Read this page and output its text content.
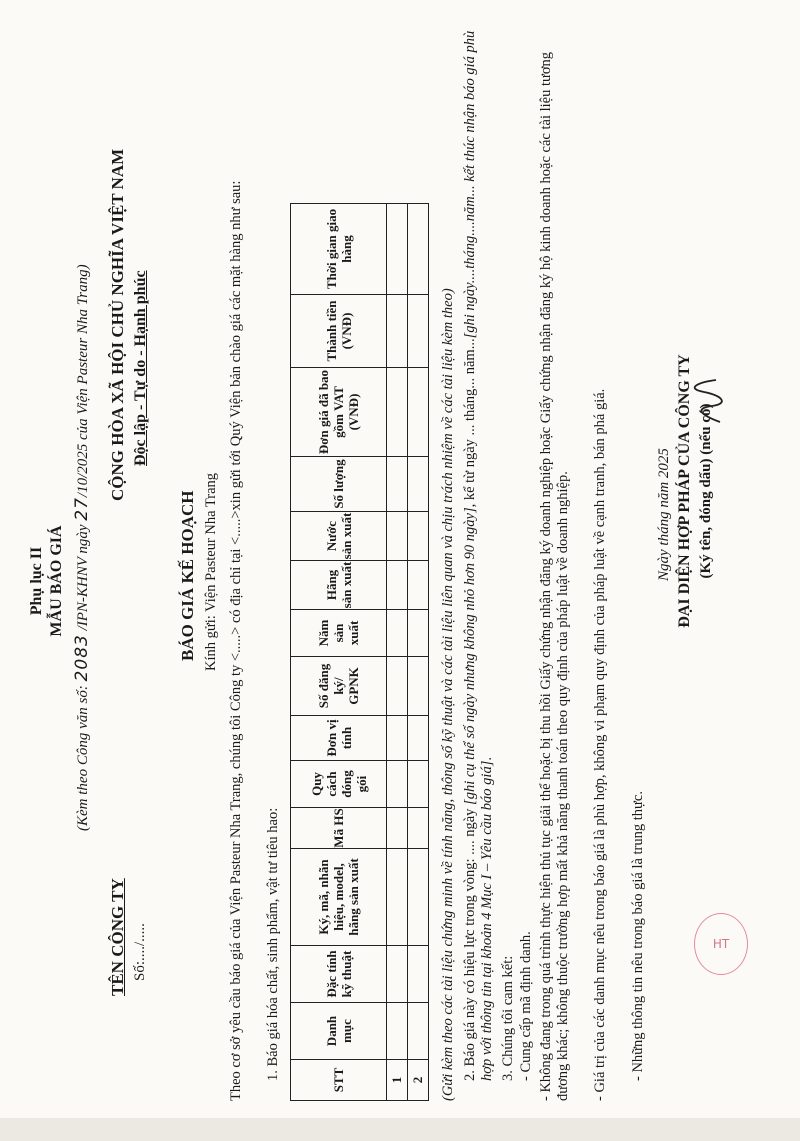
Phụ lục II MẪU BÁO GIÁ
(Kèm theo Công văn số: 2083 /IPN-KHNV ngày 27/10/2025 của Viện Pasteur Nha Trang)
TÊN CÔNG TY Số:..../.....
CỘNG HÒA XÃ HỘI CHỦ NGHĨA VIỆT NAM Độc lập - Tự do - Hạnh phúc
BÁO GIÁ KẾ HOẠCH Kính gửi: Viện Pasteur Nha Trang Theo cơ sở yêu cầu báo giá của Viện Pasteur Nha Trang, chúng tôi Công ty <.....> có địa chỉ tại <.....>xin gửi tới Quý Viện bản chào giá các mặt hàng như sau: 1. Báo giá hóa chất, sinh phẩm, vật tư tiêu hao:	STT	Danh mục	Đặc tính kỹ thuật	Ký, mã, nhãn hiệu, model, hãng sản xuất	Mã HS	Quy cách đóng gói	Đơn vị tính	Số đăng ký/ GPNK	Năm sản xuất	Hãng sản xuất	Nước sản xuất	Số lượng	Đơn giá đã bao gồm VAT (VNĐ)	Thành tiền (VNĐ)	Thời gian giao hàng
1														
2														(Gửi kèm theo các tài liệu chứng minh về tính năng, thông số kỹ thuật và các tài liệu liên quan và chịu trách nhiệm về các tài liệu kèm theo) 2. Báo giá này có hiệu lực trong vòng: .... ngày [ghi cụ thể số ngày nhưng không nhỏ hơn 90 ngày], kể từ ngày ... tháng... năm...[ghi ngày....tháng....năm... kết thúc nhận báo giá phù hợp với thông tin tại khoản 4 Mục I – Yêu cầu báo giá].
3. Chúng tôi cam kết: - Cung cấp mã định danh. - Không đang trong quá trình thực hiện thủ tục giải thể hoặc bị thu hồi Giấy chứng nhận đăng ký doanh nghiệp hoặc Giấy chứng nhận đăng ký hộ kinh doanh hoặc các tài liệu tương đương khác; không thuộc trường hợp mất khả năng thanh toán theo quy định của pháp luật về doanh nghiệp. - Giá trị của các danh mục nêu trong báo giá là phù hợp, không vi phạm quy định của pháp luật về cạnh tranh, bán phá giá. - Những thông tin nêu trong báo giá là trung thực.
Ngày tháng năm 2025 ĐẠI DIỆN HỢP PHÁP CỦA CÔNG TY (Ký tên, đóng dấu) (nếu có)
HT
